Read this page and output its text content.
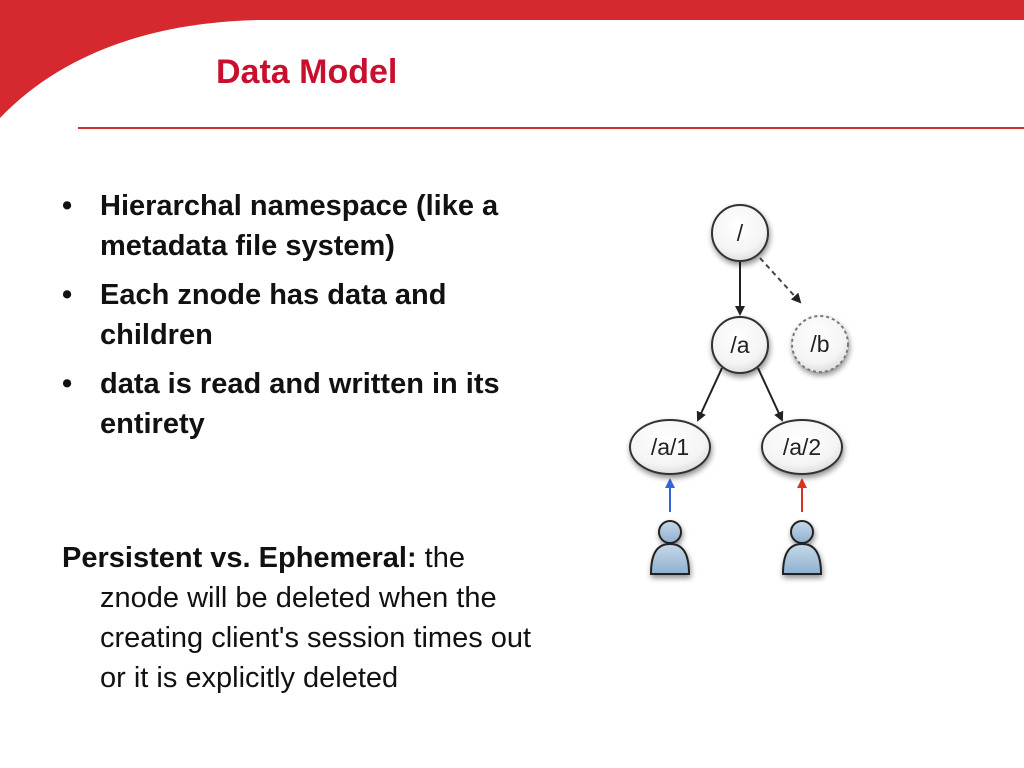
Data Model
• Hierarchal namespace (like a metadata file system)
• Each znode has data and children
• data is read and written in its entirety

Persistent vs. Ephemeral: the znode will be deleted when the creating client's session times out or it is explicitly deleted

/
/a	/b
/a/1	/a/2
